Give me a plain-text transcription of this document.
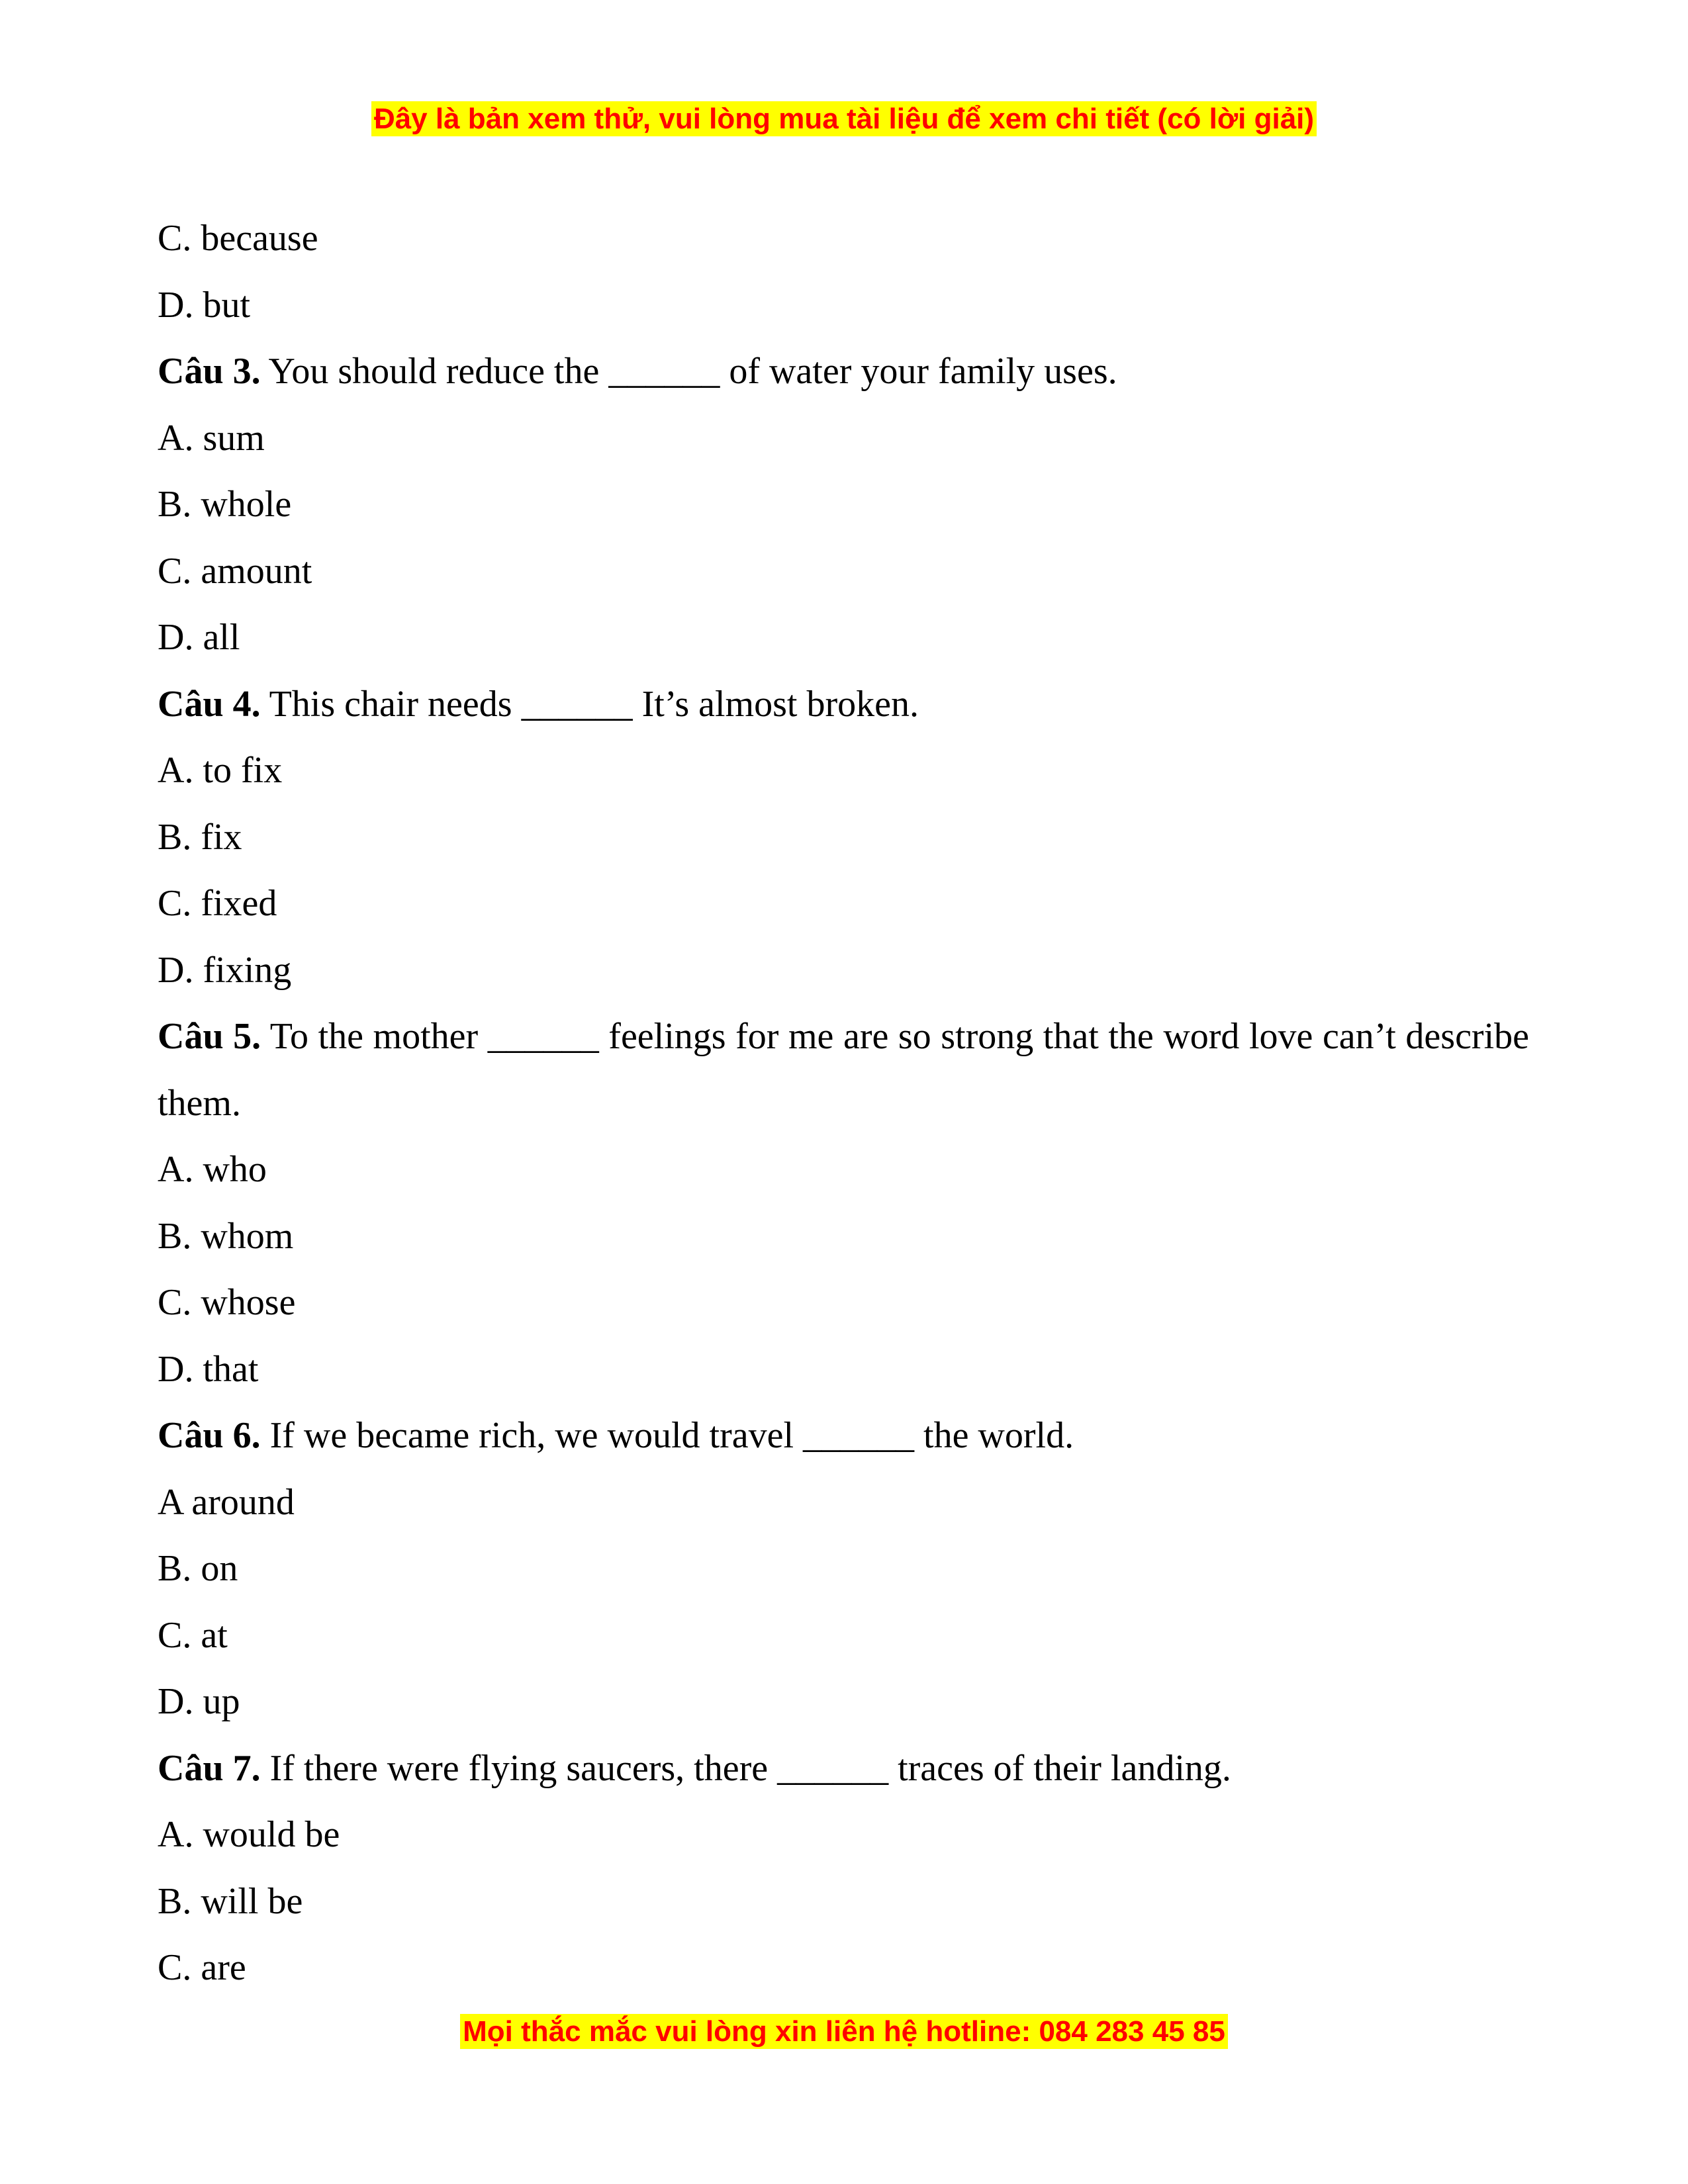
Đây là bản xem thử, vui lòng mua tài liệu để xem chi tiết (có lời giải)
C. because
D. but
Câu 3. You should reduce the ______ of water your family uses.
A. sum
B. whole
C. amount
D. all
Câu 4. This chair needs ______ It’s almost broken.
A. to fix
B. fix
C. fixed
D. fixing
Câu 5. To the mother ______ feelings for me are so strong that the word love can’t describe them.
A. who
B. whom
C. whose
D. that
Câu 6. If we became rich, we would travel ______ the world.
A around
B. on
C. at
D. up
Câu 7. If there were flying saucers, there ______ traces of their landing.
A. would be
B. will be
C. are
Mọi thắc mắc vui lòng xin liên hệ hotline: 084 283 45 85
